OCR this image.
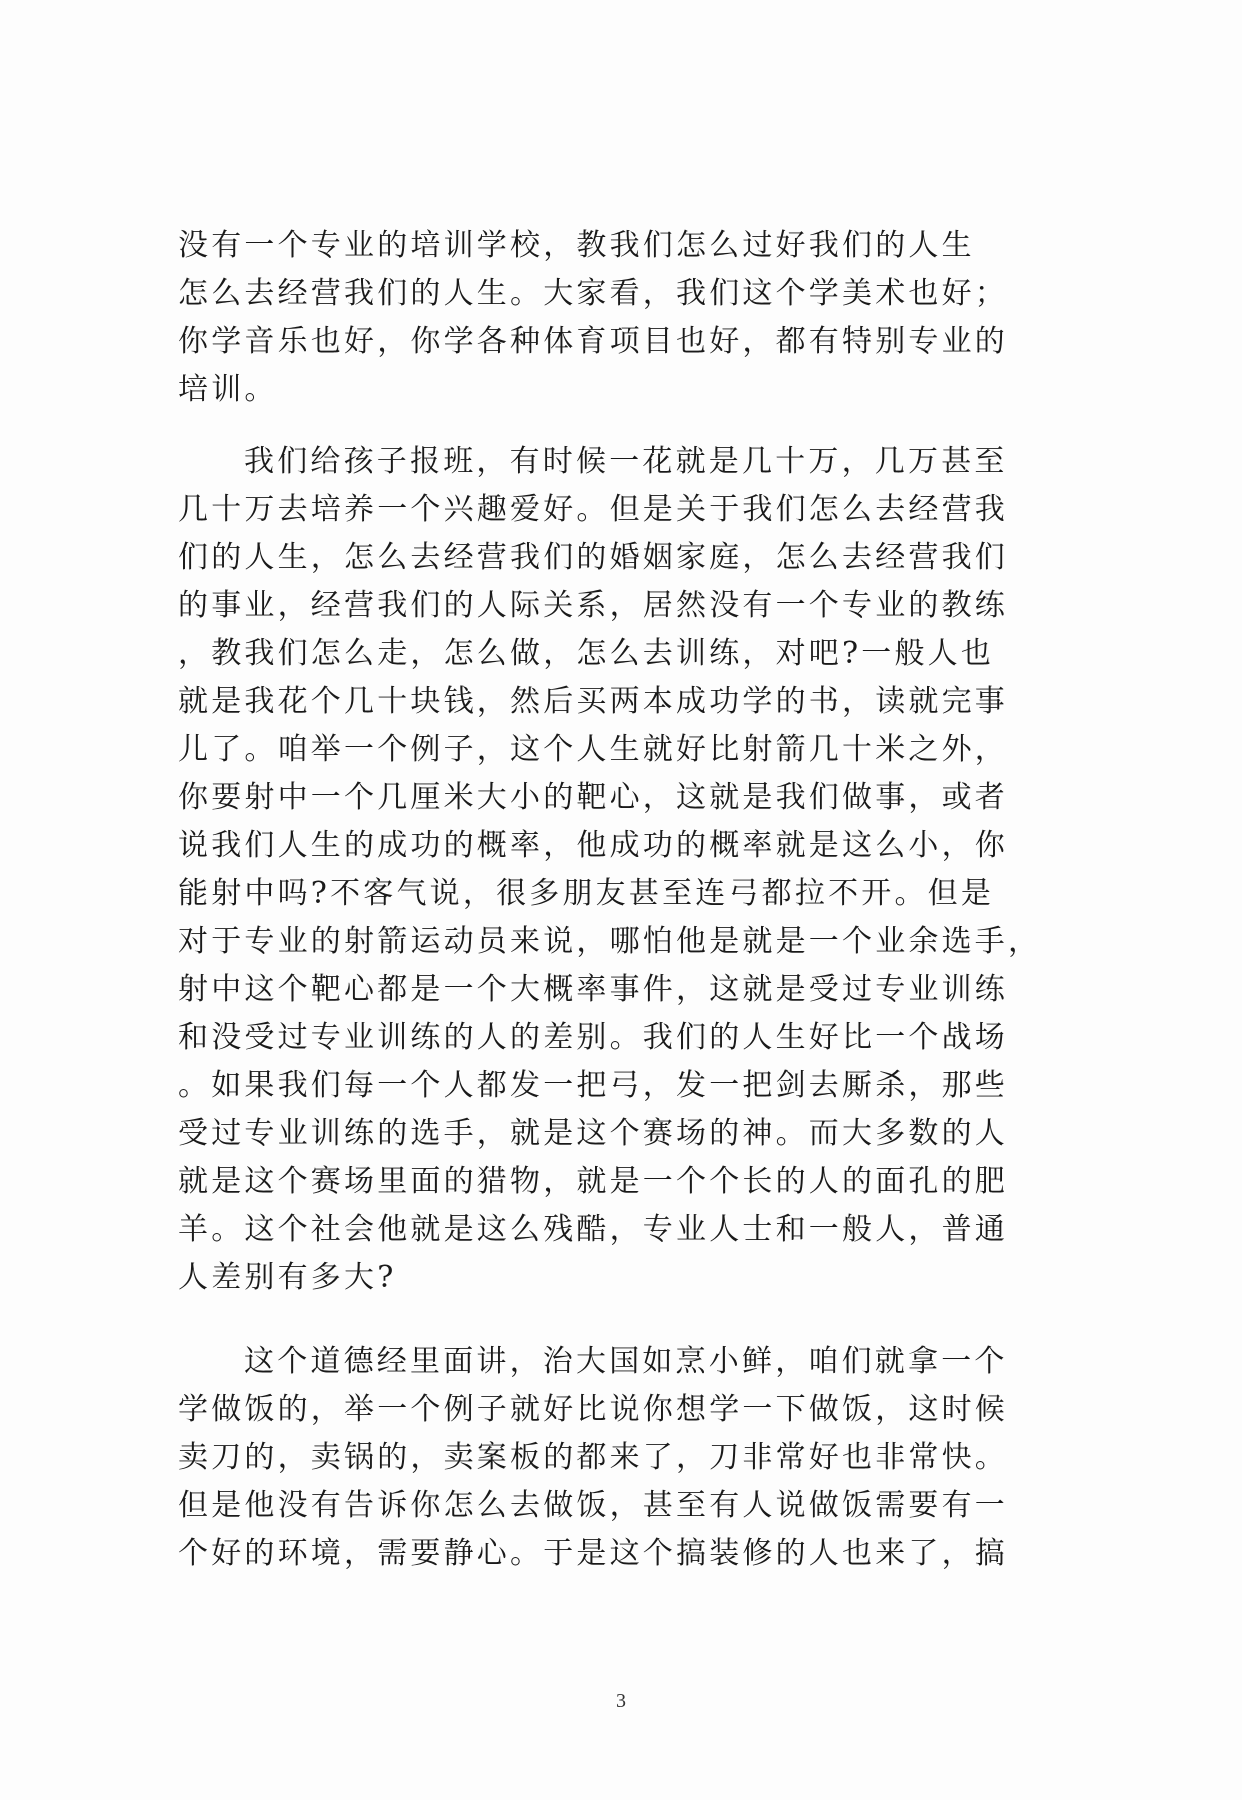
没有一个专业的培训学校，教我们怎么过好我们的人生
怎么去经营我们的人生。大家看，我们这个学美术也好；
你学音乐也好，你学各种体育项目也好，都有特别专业的
培训。
我们给孩子报班，有时候一花就是几十万，几万甚至
几十万去培养一个兴趣爱好。但是关于我们怎么去经营我
们的人生，怎么去经营我们的婚姻家庭，怎么去经营我们
的事业，经营我们的人际关系，居然没有一个专业的教练
，教我们怎么走，怎么做，怎么去训练，对吧?一般人也
就是我花个几十块钱，然后买两本成功学的书，读就完事
儿了。咱举一个例子，这个人生就好比射箭几十米之外，
你要射中一个几厘米大小的靶心，这就是我们做事，或者
说我们人生的成功的概率，他成功的概率就是这么小，你
能射中吗?不客气说，很多朋友甚至连弓都拉不开。但是
对于专业的射箭运动员来说，哪怕他是就是一个业余选手，
射中这个靶心都是一个大概率事件，这就是受过专业训练
和没受过专业训练的人的差别。我们的人生好比一个战场
。如果我们每一个人都发一把弓，发一把剑去厮杀，那些
受过专业训练的选手，就是这个赛场的神。而大多数的人
就是这个赛场里面的猎物，就是一个个长的人的面孔的肥
羊。这个社会他就是这么残酷，专业人士和一般人，普通
人差别有多大?
这个道德经里面讲，治大国如烹小鲜，咱们就拿一个
学做饭的，举一个例子就好比说你想学一下做饭，这时候
卖刀的，卖锅的，卖案板的都来了，刀非常好也非常快。
但是他没有告诉你怎么去做饭，甚至有人说做饭需要有一
个好的环境，需要静心。于是这个搞装修的人也来了，搞
3
